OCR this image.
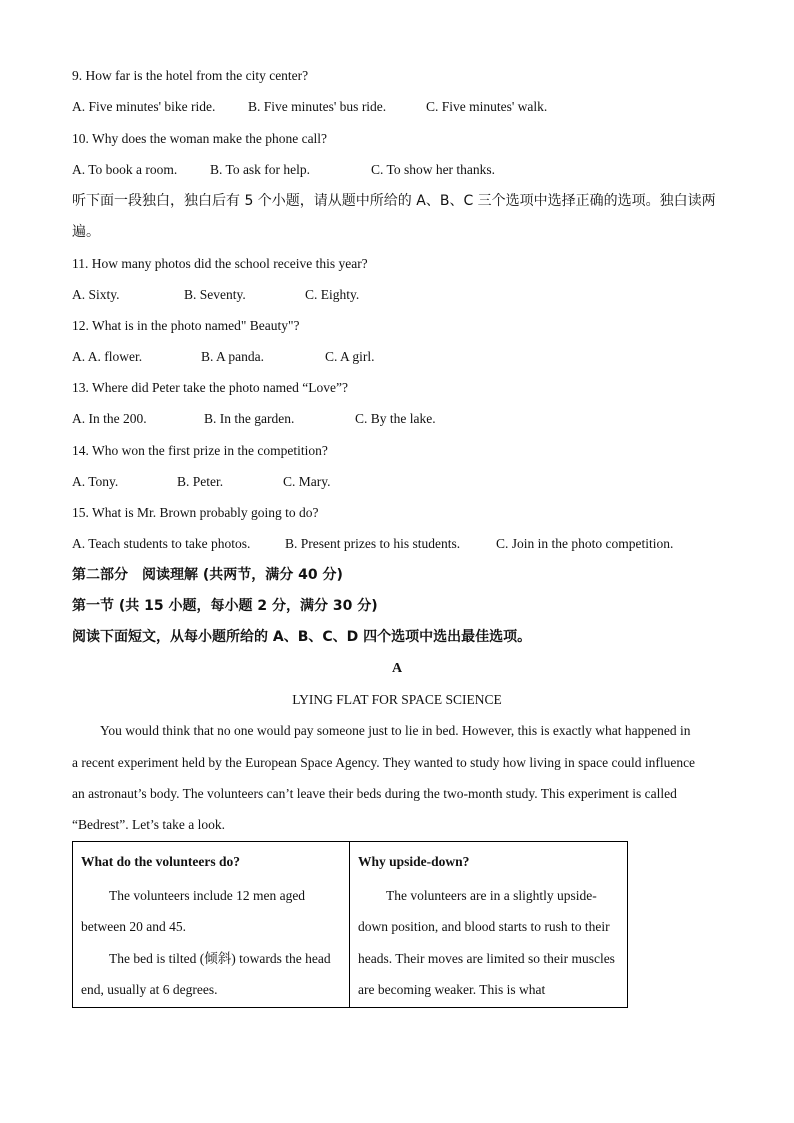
9. How far is the hotel from the city center?
A. Five minutes' bike ride. B. Five minutes' bus ride.	C. Five minutes' walk.
10. Why does the woman make the phone call?
A. To book a room. B. To ask for help.	C. To show her thanks.
听下面一段独白，独白后有 5 个小题，请从题中所给的 A、B、C 三个选项中选择正确的选项。独白读两
遍。
11. How many photos did the school receive this year?
A. Sixty.	B. Seventy.	C. Eighty.
12. What is in the photo named" Beauty"?
A. A. flower.	B. A panda.	C. A girl.
13. Where did Peter take the photo named “Love”?
A. In the 200.	B. In the garden.	C. By the lake.
14. Who won the first prize in the competition?
A. Tony.	B. Peter.	C. Mary.
15. What is Mr. Brown probably going to do?
A. Teach students to take photos.	B. Present prizes to his students.	C. Join in the photo competition.
第二部分　阅读理解 (共两节，满分 40 分)
第一节 (共 15 小题，每小题 2 分，满分 30 分)
阅读下面短文，从每小题所给的 A、B、C、D 四个选项中选出最佳选项。
A
LYING FLAT FOR SPACE SCIENCE
You would think that no one would pay someone just to lie in bed. However, this is exactly what happened in
a recent experiment held by the European Space Agency. They wanted to study how living in space could influence
an astronaut’s body. The volunteers can’t leave their beds during the two-month study. This experiment is called
“Bedrest”. Let’s take a look.
What do the volunteers do?

The volunteers include 12 men aged between 20 and 45.

The bed is tilted (倾斜) towards the head end, usually at 6 degrees.

Why upside-down?

The volunteers are in a slightly upside-down position, and blood starts to rush to their heads. Their moves are limited so their muscles are becoming weaker. This is what
